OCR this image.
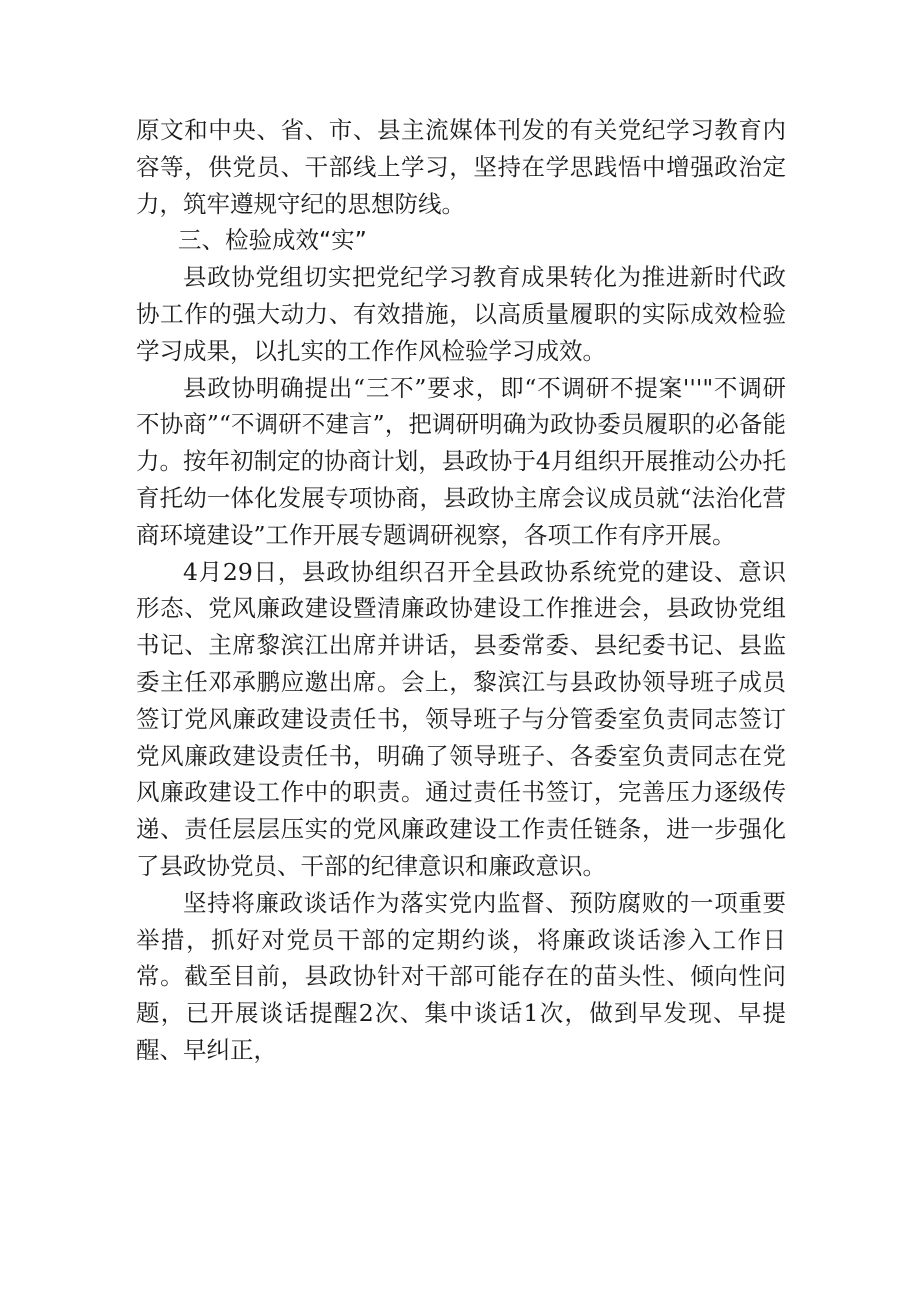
原文和中央、省、市、县主流媒体刊发的有关党纪学习教育内容等，供党员、干部线上学习，坚持在学思践悟中增强政治定力，筑牢遵规守纪的思想防线。

三、检验成效“实”

县政协党组切实把党纪学习教育成果转化为推进新时代政协工作的强大动力、有效措施，以高质量履职的实际成效检验学习成果，以扎实的工作作风检验学习成效。

县政协明确提出“三不”要求，即“不调研不提案'''"不调研不协商”“不调研不建言”，把调研明确为政协委员履职的必备能力。按年初制定的协商计划，县政协于4月组织开展推动公办托育托幼一体化发展专项协商，县政协主席会议成员就“法治化营商环境建设”工作开展专题调研视察，各项工作有序开展。

4月29日，县政协组织召开全县政协系统党的建设、意识形态、党风廉政建设暨清廉政协建设工作推进会，县政协党组书记、主席黎滨江出席并讲话，县委常委、县纪委书记、县监委主任邓承鹏应邀出席。会上，黎滨江与县政协领导班子成员签订党风廉政建设责任书，领导班子与分管委室负责同志签订党风廉政建设责任书，明确了领导班子、各委室负责同志在党风廉政建设工作中的职责。通过责任书签订，完善压力逐级传递、责任层层压实的党风廉政建设工作责任链条，进一步强化了县政协党员、干部的纪律意识和廉政意识。

坚持将廉政谈话作为落实党内监督、预防腐败的一项重要举措，抓好对党员干部的定期约谈，将廉政谈话渗入工作日常。截至目前，县政协针对干部可能存在的苗头性、倾向性问题，已开展谈话提醒2次、集中谈话1次，做到早发现、早提醒、早纠正，
